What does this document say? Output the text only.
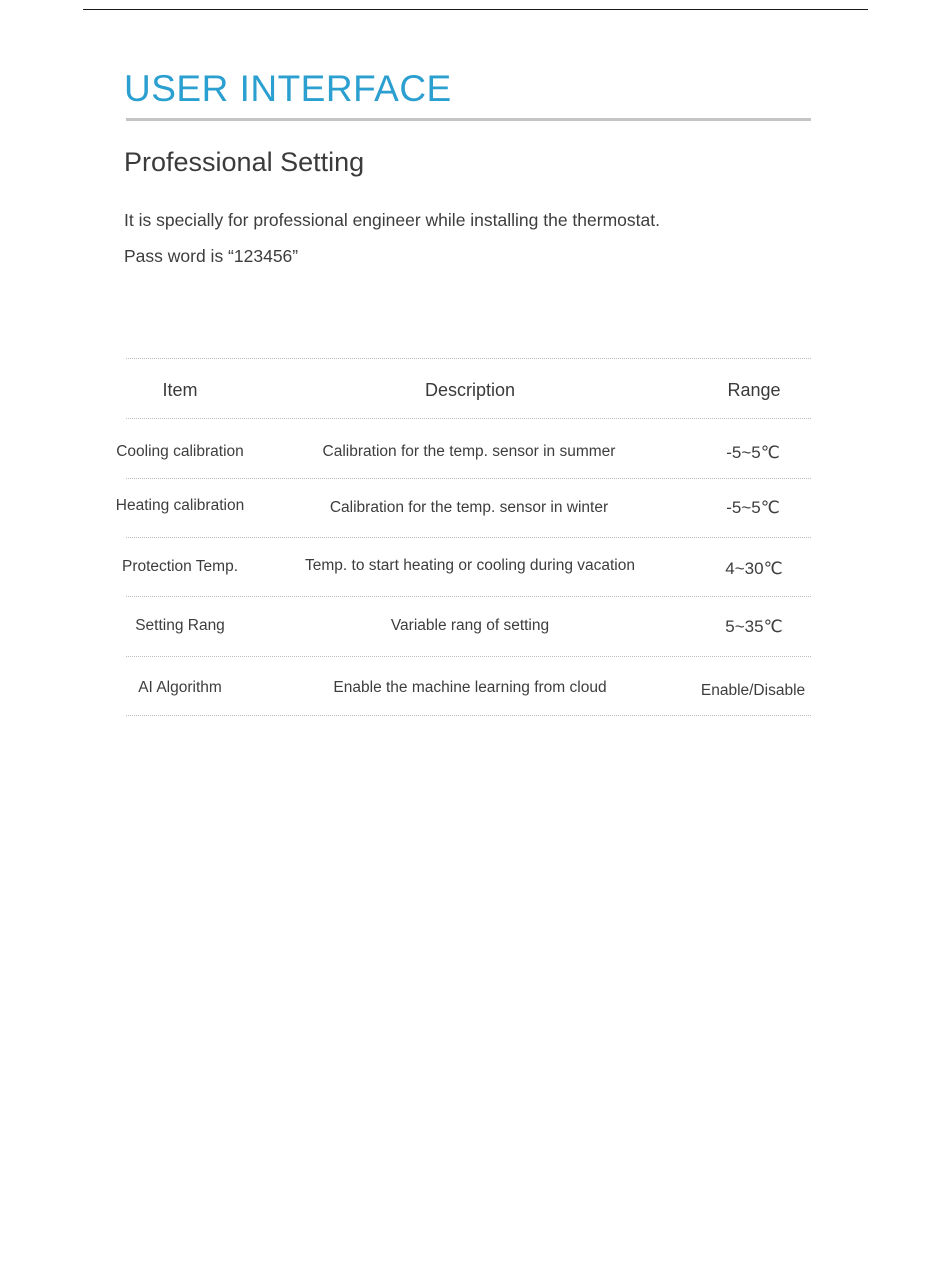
USER INTERFACE
Professional Setting

It is specially for professional engineer while installing the thermostat.

Pass word is “123456”

Item	Description	Range
Cooling calibration	Calibration for the temp. sensor in summer	-5~5℃
Heating calibration	Calibration for the temp. sensor in winter	-5~5℃
Protection Temp.	Temp. to start heating or cooling during vacation	4~30℃
Setting Rang	Variable rang of setting	5~35℃
AI Algorithm	Enable the machine learning from cloud	Enable/Disable
